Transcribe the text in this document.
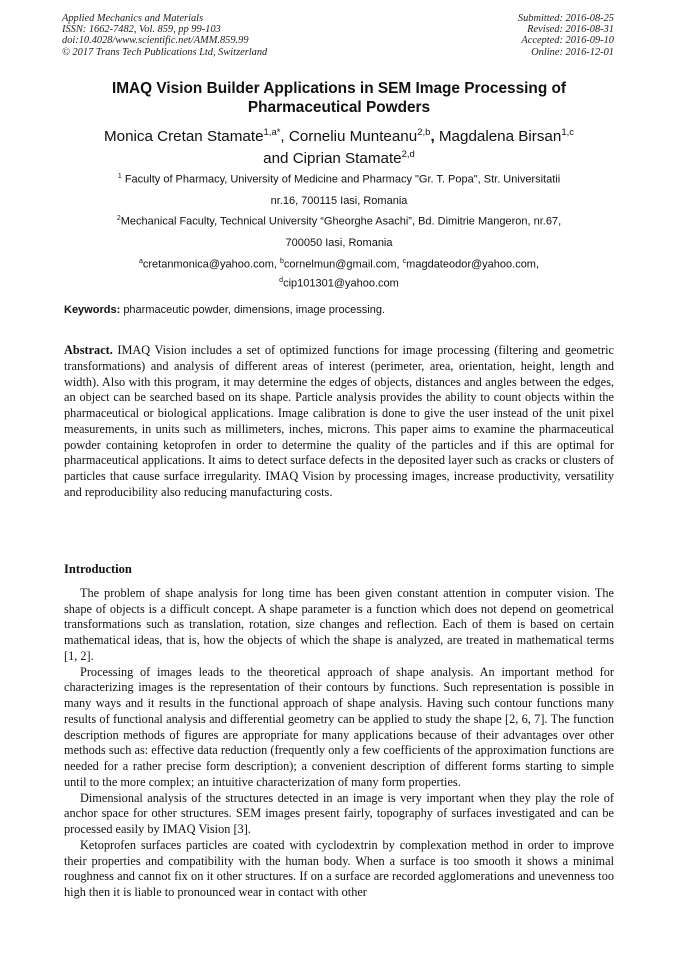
Applied Mechanics and Materials
ISSN: 1662-7482, Vol. 859, pp 99-103
doi:10.4028/www.scientific.net/AMM.859.99
© 2017 Trans Tech Publications Ltd, Switzerland
Submitted: 2016-08-25
Revised: 2016-08-31
Accepted: 2016-09-10
Online: 2016-12-01
IMAQ Vision Builder Applications in SEM Image Processing of
Pharmaceutical Powders
Monica Cretan Stamate$^{1,a*}$, Corneliu Munteanu$^{2,b}$, Magdalena Birsan$^{1,c}$
and Ciprian Stamate$^{2,d}$
$^1$ Faculty of Pharmacy, University of Medicine and Pharmacy "Gr. T. Popa", Str. Universitatii
nr.16, 700115 Iasi, Romania
$^2$Mechanical Faculty, Technical University “Gheorghe Asachi”, Bd. Dimitrie Mangeron, nr.67,
700050 Iasi, Romania
$^a$cretanmonica@yahoo.com, $^b$cornelmun@gmail.com, $^c$magdateodor@yahoo.com,
$^d$cip101301@yahoo.com
Keywords: pharmaceutic powder, dimensions, image processing.

Abstract. IMAQ Vision includes a set of optimized functions for image processing (filtering and geometric transformations) and analysis of different areas of interest (perimeter, area, orientation, height, length and width). Also with this program, it may determine the edges of objects, distances and angles between the edges, an object can be searched based on its shape. Particle analysis provides the ability to count objects within the pharmaceutical or biological applications. Image calibration is done to give the user instead of the unit pixel measurements, in units such as millimeters, inches, microns. This paper aims to examine the pharmaceutical powder containing ketoprofen in order to determine the quality of the particles and if this are optimal for pharmaceutical applications. It aims to detect surface defects in the deposited layer such as cracks or clusters of particles that cause surface irregularity. IMAQ Vision by processing images, increase productivity, versatility and reproducibility also reducing manufacturing costs.

Introduction

The problem of shape analysis for long time has been given constant attention in computer vision. The shape of objects is a difficult concept. A shape parameter is a function which does not depend on geometrical transformations such as translation, rotation, size changes and reflection. Each of them is based on certain mathematical ideas, that is, how the objects of which the shape is analyzed, are treated in mathematical terms [1, 2].

Processing of images leads to the theoretical approach of shape analysis. An important method for characterizing images is the representation of their contours by functions. Such representation is possible in many ways and it results in the functional approach of shape analysis. Having such contour functions many results of functional analysis and differential geometry can be applied to study the shape [2, 6, 7]. The function description methods of figures are appropriate for many applications because of their advantages over other methods such as: effective data reduction (frequently only a few coefficients of the approximation functions are needed for a rather precise form description); a convenient description of different forms starting to simple until to the more complex; an intuitive characterization of many form properties.

Dimensional analysis of the structures detected in an image is very important when they play the role of anchor space for other structures. SEM images present fairly, topography of surfaces investigated and can be processed easily by IMAQ Vision [3].

Ketoprofen surfaces particles are coated with cyclodextrin by complexation method in order to improve their properties and compatibility with the human body. When a surface is too smooth it shows a minimal roughness and cannot fix on it other structures. If on a surface are recorded agglomerations and unevenness too high then it is liable to pronounced wear in contact with other
